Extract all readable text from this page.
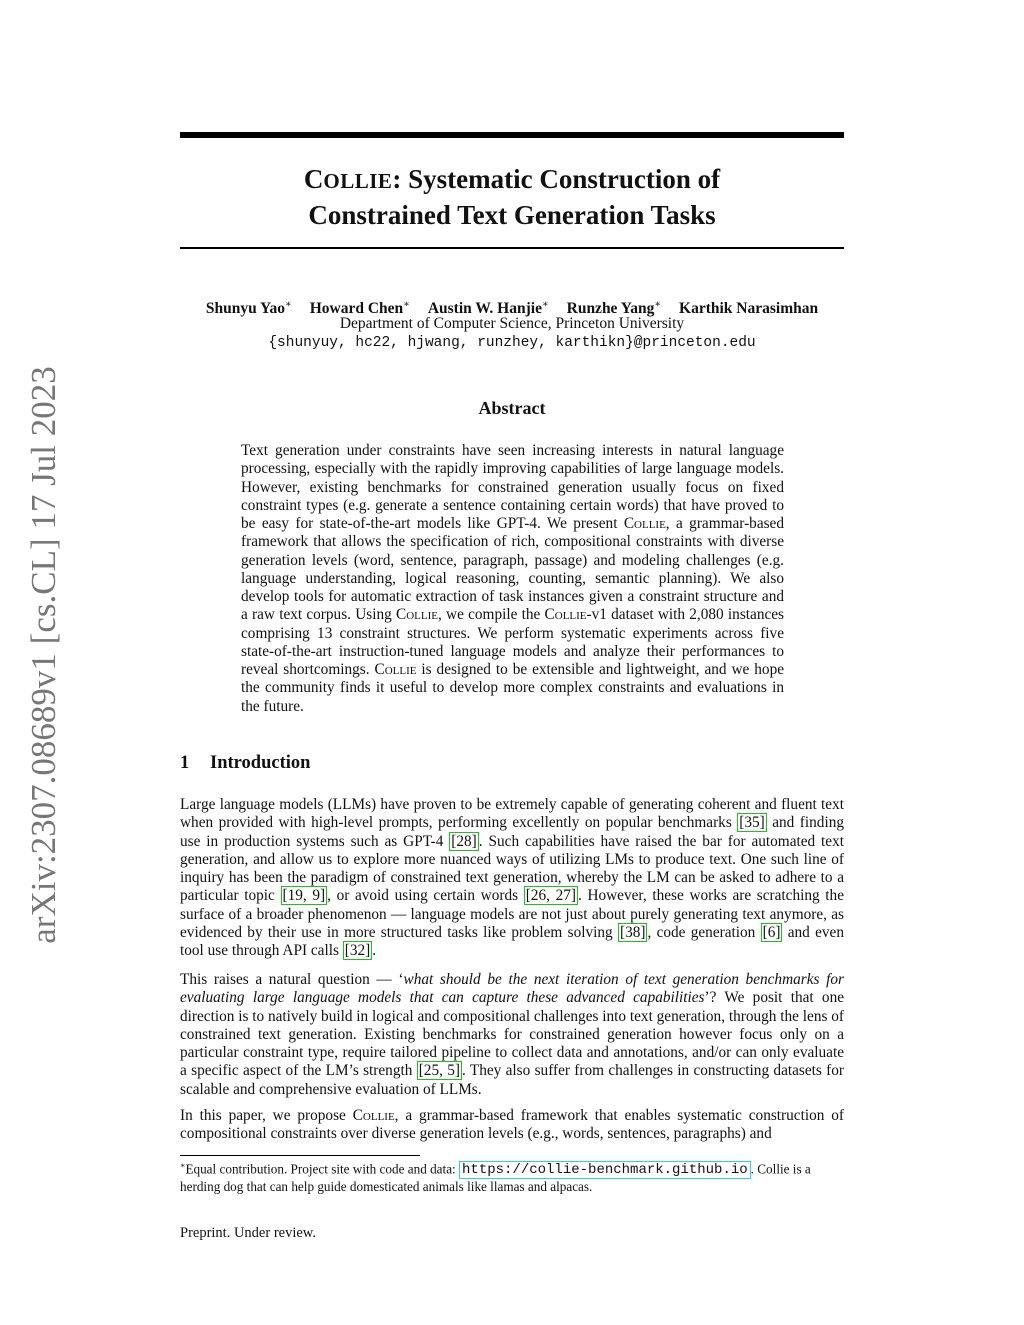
arXiv:2307.08689v1 [cs.CL] 17 Jul 2023
COLLIE: Systematic Construction of
Constrained Text Generation Tasks
Shunyu Yao∗ Howard Chen∗ Austin W. Hanjie∗ Runzhe Yang∗ Karthik Narasimhan
Department of Computer Science, Princeton University
{shunyuy, hc22, hjwang, runzhey, karthikn}@princeton.edu
Abstract
Text generation under constraints have seen increasing interests in natural language processing, especially with the rapidly improving capabilities of large language models. However, existing benchmarks for constrained generation usually focus on fixed constraint types (e.g. generate a sentence containing certain words) that have proved to be easy for state-of-the-art models like GPT-4. We present Collie, a grammar-based framework that allows the specification of rich, compositional constraints with diverse generation levels (word, sentence, paragraph, passage) and modeling challenges (e.g. language understanding, logical reasoning, counting, semantic planning). We also develop tools for automatic extraction of task instances given a constraint structure and a raw text corpus. Using Collie, we compile the Collie-v1 dataset with 2,080 instances comprising 13 constraint structures. We perform systematic experiments across five state-of-the-art instruction-tuned language models and analyze their performances to reveal shortcomings. Collie is designed to be extensible and lightweight, and we hope the community finds it useful to develop more complex constraints and evaluations in the future.
1 Introduction
Large language models (LLMs) have proven to be extremely capable of generating coherent and fluent text when provided with high-level prompts, performing excellently on popular benchmarks [35] and finding use in production systems such as GPT-4 [28] . Such capabilities have raised the bar for automated text generation, and allow us to explore more nuanced ways of utilizing LMs to produce text. One such line of inquiry has been the paradigm of constrained text generation, whereby the LM can be asked to adhere to a particular topic [19, 9] , or avoid using certain words [26, 27] . However, these works are scratching the surface of a broader phenomenon — language models are not just about purely generating text anymore, as evidenced by their use in more structured tasks like problem solving [38] , code generation [6] and even tool use through API calls [32] .
This raises a natural question — ‘what should be the next iteration of text generation benchmarks for evaluating large language models that can capture these advanced capabilities’? We posit that one direction is to natively build in logical and compositional challenges into text generation, through the lens of constrained text generation. Existing benchmarks for constrained generation however focus only on a particular constraint type, require tailored pipeline to collect data and annotations, and/or can only evaluate a specific aspect of the LM’s strength [25, 5] . They also suffer from challenges in constructing datasets for scalable and comprehensive evaluation of LLMs.
In this paper, we propose Collie, a grammar-based framework that enables systematic construction of compositional constraints over diverse generation levels (e.g., words, sentences, paragraphs) and
∗Equal contribution. Project site with code and data: https://collie-benchmark.github.io . Collie is a herding dog that can help guide domesticated animals like llamas and alpacas.
Preprint. Under review.
